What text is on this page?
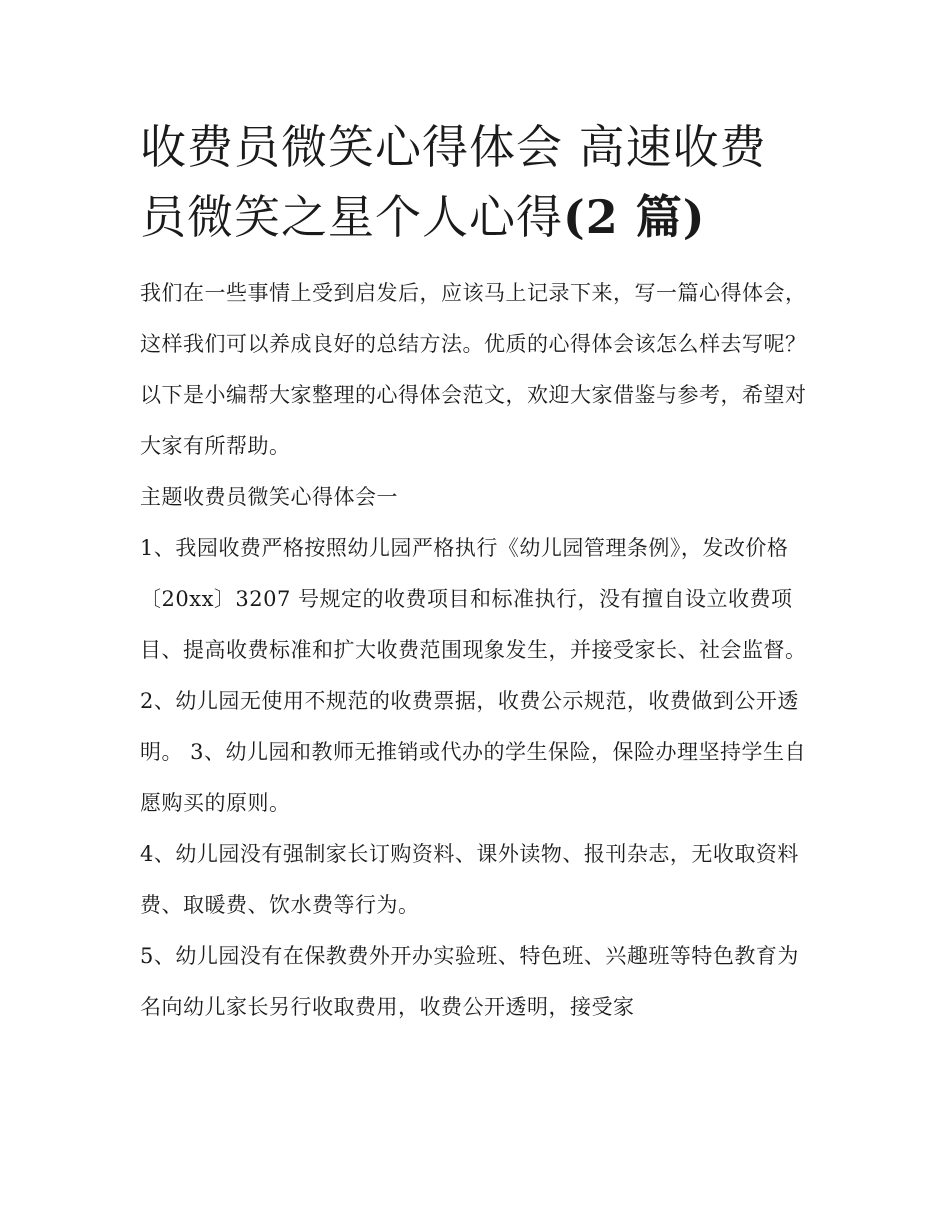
收费员微笑心得体会 高速收费
员微笑之星个人心得(2 篇)

我们在一些事情上受到启发后，应该马上记录下来，写一篇心得体会，这样我们可以养成良好的总结方法。优质的心得体会该怎么样去写呢？以下是小编帮大家整理的心得体会范文，欢迎大家借鉴与参考，希望对大家有所帮助。

主题收费员微笑心得体会一

1、我园收费严格按照幼儿园严格执行《幼儿园管理条例》，发改价格〔20xx〕3207 号规定的收费项目和标准执行，没有擅自设立收费项目、提高收费标准和扩大收费范围现象发生，并接受家长、社会监督。

2、幼儿园无使用不规范的收费票据，收费公示规范，收费做到公开透明。 3、幼儿园和教师无推销或代办的学生保险，保险办理坚持学生自愿购买的原则。

4、幼儿园没有强制家长订购资料、课外读物、报刊杂志，无收取资料费、取暖费、饮水费等行为。

5、幼儿园没有在保教费外开办实验班、特色班、兴趣班等特色教育为名向幼儿家长另行收取费用，收费公开透明，接受家
